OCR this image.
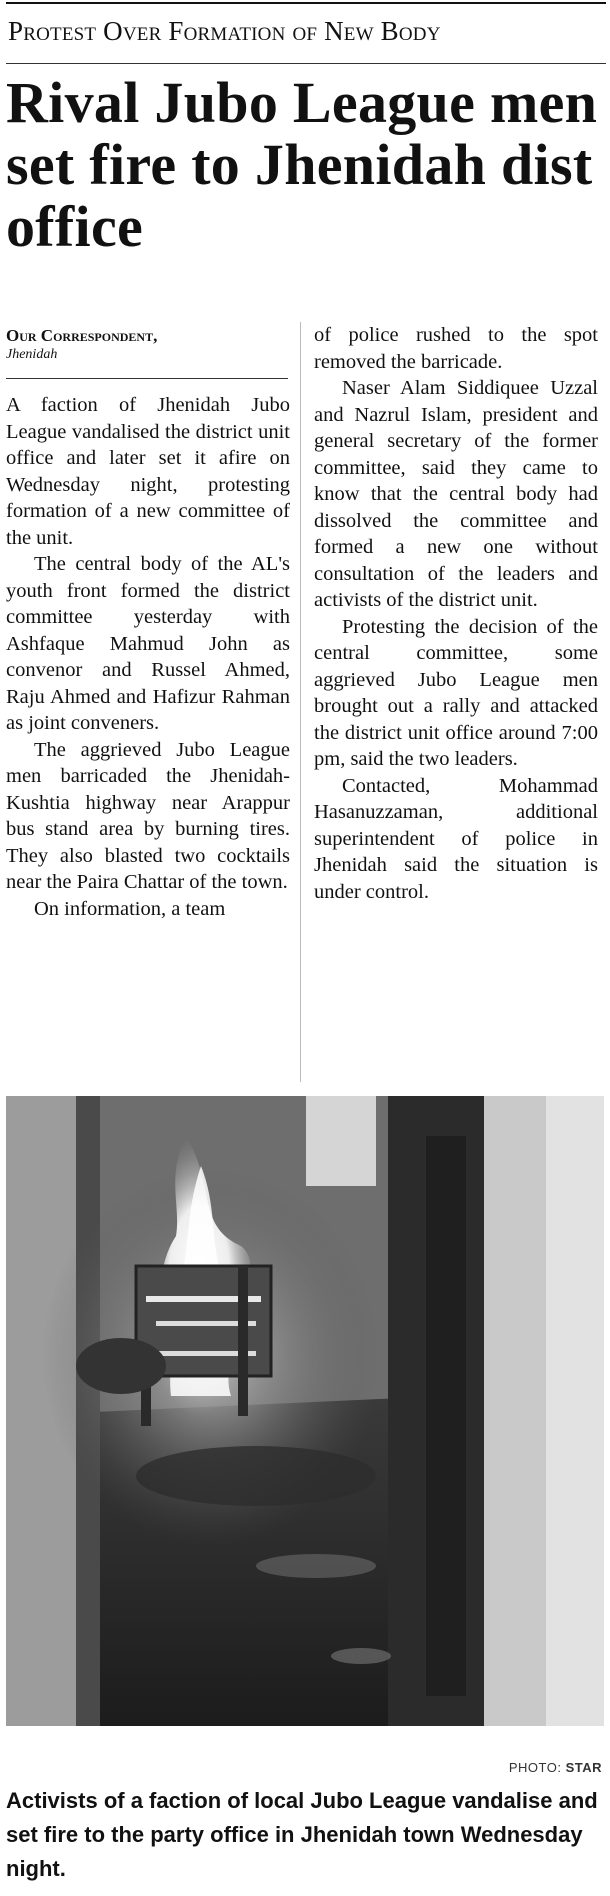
Protest Over Formation of New Body
Rival Jubo League men set fire to Jhenidah dist office
Our Correspondent,
Jhenidah

A faction of Jhenidah Jubo League vandalised the district unit office and later set it afire on Wednesday night, protesting formation of a new committee of the unit.

The central body of the AL's youth front formed the district committee yesterday with Ashfaque Mahmud John as convenor and Russel Ahmed, Raju Ahmed and Hafizur Rahman as joint conveners.

The aggrieved Jubo League men barricaded the Jhenidah-Kushtia highway near Arappur bus stand area by burning tires. They also blasted two cocktails near the Paira Chattar of the town.

On information, a team

of police rushed to the spot removed the barricade.

Naser Alam Siddiquee Uzzal and Nazrul Islam, president and general secretary of the former committee, said they came to know that the central body had dissolved the committee and formed a new one without consultation of the leaders and activists of the district unit.

Protesting the decision of the central committee, some aggrieved Jubo League men brought out a rally and attacked the district unit office around 7:00 pm, said the two leaders.

Contacted, Mohammad Hasanuzzaman, additional superintendent of police in Jhenidah said the situation is under control.

PHOTO: STAR
Activists of a faction of local Jubo League vandalise and set fire to the party office in Jhenidah town Wednesday night.
